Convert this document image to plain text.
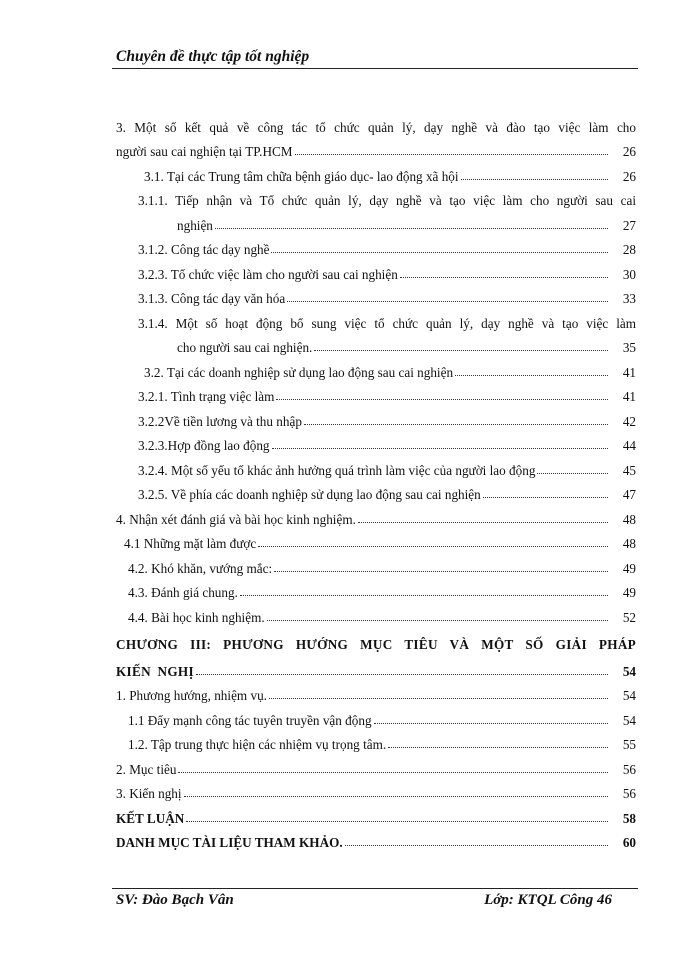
Chuyên đề thực tập tốt nghiệp
3. Một số kết quả về công tác tổ chức quản lý, dạy nghề và đào tạo việc làm cho
người sau cai nghiện tại TP.HCM	26
3.1. Tại các Trung tâm chữa bệnh giáo dục- lao động xã hội	26
3.1.1. Tiếp nhận và Tổ chức quản lý, dạy nghề và tạo việc làm cho người sau cai
nghiện	27
3.1.2. Công tác dạy nghề	28
3.2.3. Tổ chức việc làm cho người sau cai nghiện	30
3.1.3. Công tác dạy văn hóa	33
3.1.4. Một số hoạt động bổ sung việc tổ chức quản lý, dạy nghề và tạo việc làm
cho người sau cai nghiện.	35
3.2. Tại các doanh nghiệp sử dụng lao động sau cai nghiện	41
3.2.1. Tình trạng việc làm	41
3.2.2Về tiền lương và thu nhập	42
3.2.3.Hợp đồng lao động	44
3.2.4. Một số yếu tố khác ảnh hưởng quá trình làm việc của người lao động	45
3.2.5. Về phía các doanh nghiệp sử dụng lao động sau cai nghiện	47
4. Nhận xét đánh giá và bài học kinh nghiệm.	48
4.1 Những mặt làm được	48
4.2. Khó khăn, vướng mắc:	49
4.3. Đánh giá chung.	49
4.4. Bài học kinh nghiệm.	52
CHƯƠNG III: PHƯƠNG HƯỚNG MỤC TIÊU VÀ MỘT SỐ GIẢI PHÁP
KIẾN NGHỊ	54
1. Phương hướng, nhiệm vụ.	54
1.1 Đẩy mạnh công tác tuyên truyền vận động	54
1.2. Tập trung thực hiện các nhiệm vụ trọng tâm.	55
2. Mục tiêu	56
3. Kiến nghị	56
KẾT LUẬN	58
DANH MỤC TÀI LIỆU THAM KHẢO.	60
SV: Đào Bạch Vân	Lớp: KTQL Công 46
